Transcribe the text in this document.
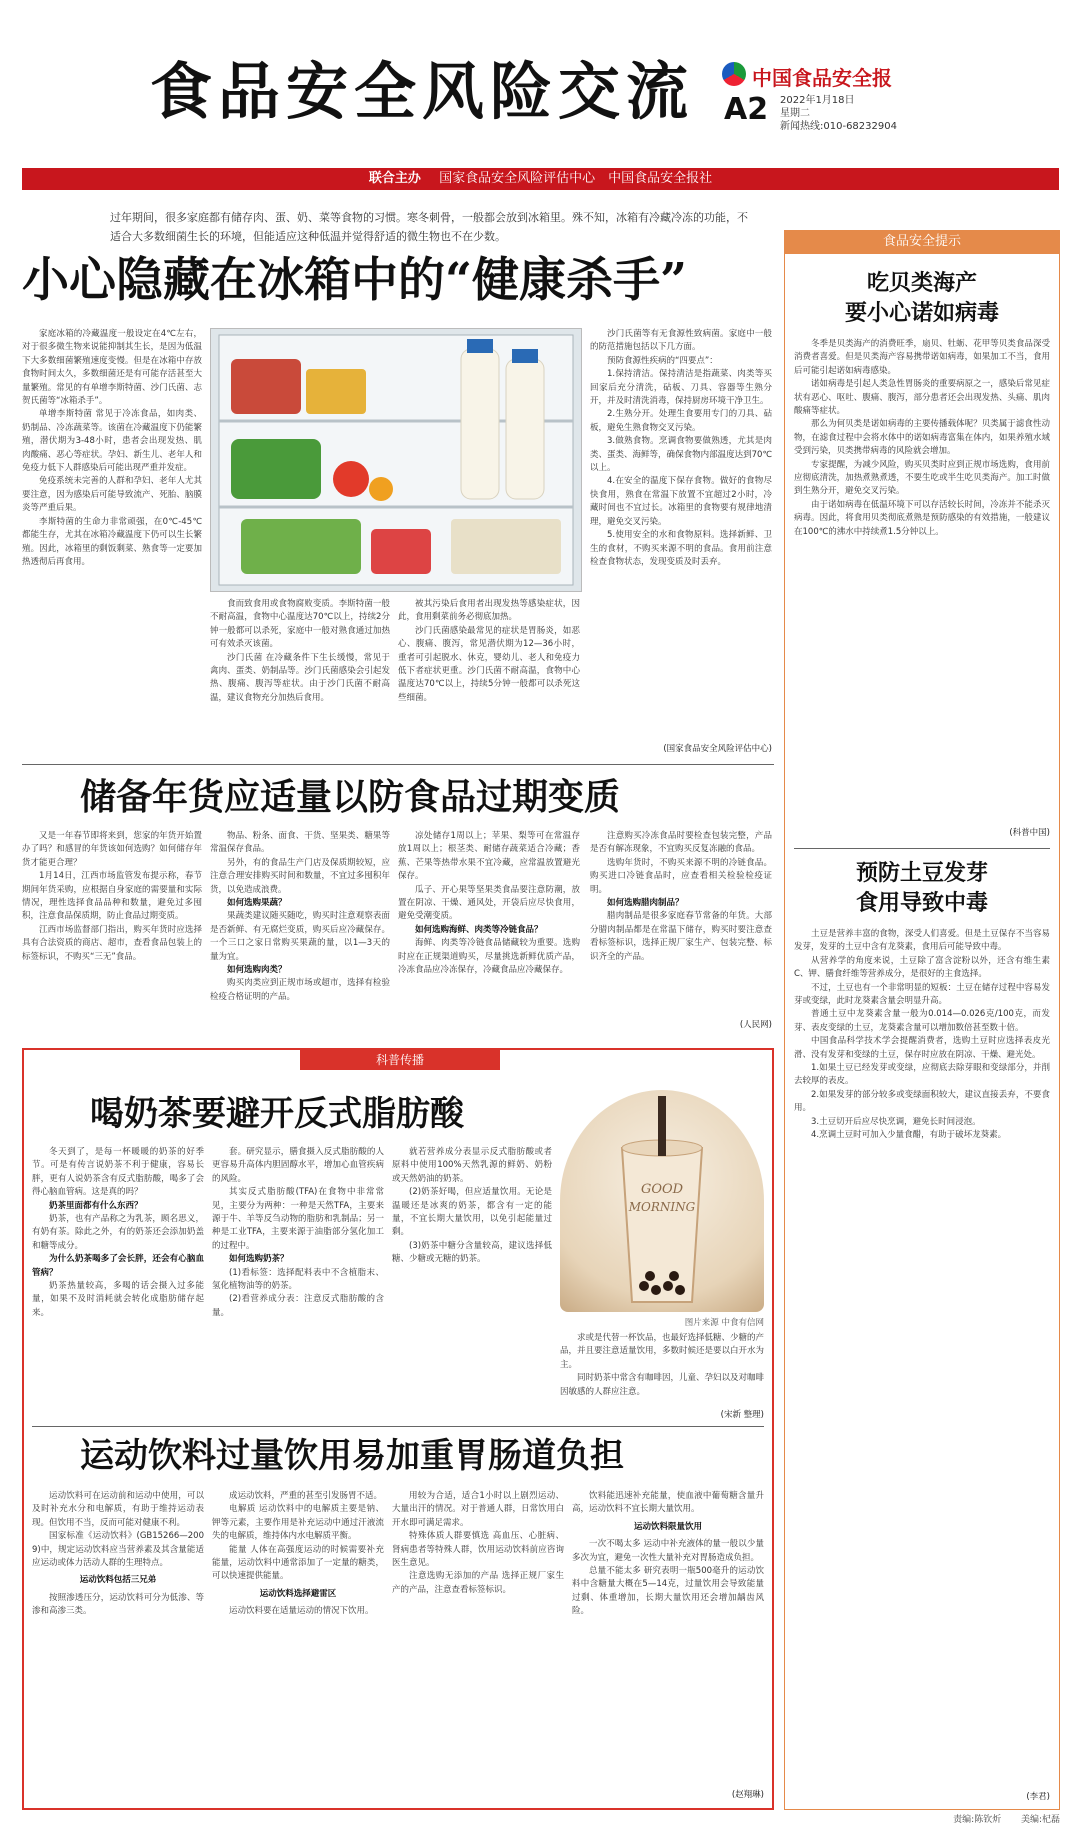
食品安全风险交流	中国食品安全报
A2 2022年1月18日
星期二
新闻热线:010-68232904
联合主办 国家食品安全风险评估中心　中国食品安全报社
过年期间，很多家庭都有储存肉、蛋、奶、菜等食物的习惯。寒冬刺骨，一般都会放到冰箱里。殊不知，冰箱有冷藏冷冻的功能，不适合大多数细菌生长的环境，但能适应这种低温并觉得舒适的微生物也不在少数。
小心隐藏在冰箱中的“健康杀手”

家庭冰箱的冷藏温度一般设定在4℃左右，对于很多微生物来说能抑制其生长，是因为低温下大多数细菌繁殖速度变慢。但是在冰箱中存放食物时间太久，多数细菌还是有可能存活甚至大量繁殖。常见的有单增李斯特菌、沙门氏菌、志贺氏菌等“冰箱杀手”。

单增李斯特菌 常见于冷冻食品，如肉类、奶制品、冷冻蔬菜等。该菌在冷藏温度下仍能繁殖，潜伏期为3-48小时，患者会出现发热、肌肉酸痛、恶心等症状。孕妇、新生儿、老年人和免疫力低下人群感染后可能出现严重并发症。

免疫系统未完善的人群和孕妇、老年人尤其要注意，因为感染后可能导致流产、死胎、脑膜炎等严重后果。

李斯特菌的生命力非常顽强，在0℃-45℃都能生存，尤其在冰箱冷藏温度下仍可以生长繁殖。因此，冰箱里的剩饭剩菜、熟食等一定要加热透彻后再食用。

食而致食用或食物腐败变质。李斯特菌一般不耐高温，食物中心温度达70℃以上，持续2分钟一般都可以杀死，家庭中一般对熟食通过加热可有效杀灭该菌。

沙门氏菌 在冷藏条件下生长缓慢，常见于禽肉、蛋类、奶制品等。沙门氏菌感染会引起发热、腹痛、腹泻等症状。由于沙门氏菌不耐高温，建议食物充分加热后食用。

被其污染后食用者出现发热等感染症状，因此，食用剩菜前务必彻底加热。

沙门氏菌感染最常见的症状是胃肠炎，如恶心、腹痛、腹泻，常见潜伏期为12—36小时，重者可引起脱水、休克，婴幼儿、老人和免疫力低下者症状更重。沙门氏菌不耐高温，食物中心温度达70℃以上，持续5分钟一般都可以杀死这些细菌。

沙门氏菌等有无食源性致病菌。家庭中一般的防范措施包括以下几方面。

预防食源性疾病的“四要点”：

1.保持清洁。保持清洁是指蔬菜、肉类等买回家后充分清洗，砧板、刀具、容器等生熟分开，并及时清洗消毒，保持厨房环境干净卫生。

2.生熟分开。处理生食要用专门的刀具、砧板，避免生熟食物交叉污染。

3.做熟食物。烹调食物要做熟透，尤其是肉类、蛋类、海鲜等，确保食物内部温度达到70℃以上。

4.在安全的温度下保存食物。做好的食物尽快食用，熟食在常温下放置不宜超过2小时，冷藏时间也不宜过长。冰箱里的食物要有规律地清理，避免交叉污染。

5.使用安全的水和食物原料。选择新鲜、卫生的食材，不购买来源不明的食品。食用前注意检查食物状态，发现变质及时丢弃。

(国家食品安全风险评估中心)
储备年货应适量以防食品过期变质

又是一年春节即将来到，您家的年货开始置办了吗？和感冒的年货该如何选购？如何储存年货才能更合理？

1月14日，江西市场监管发布提示称，春节期间年货采购，应根据自身家庭的需要量和实际情况，理性选择食品品种和数量，避免过多囤积，注意食品保质期，防止食品过期变质。

江西市场监督部门指出，购买年货时应选择具有合法资质的商店、超市，查看食品包装上的标签标识，不购买“三无”食品。

物品、粉条、面食、干货、坚果类、糖果等常温保存食品。

另外，有的食品生产门店及保质期较短，应注意合理安排购买时间和数量，不宜过多囤积年货，以免造成浪费。

如何选购果蔬？

果蔬类建议随买随吃，购买时注意观察表面是否新鲜、有无腐烂变质，购买后应冷藏保存。一个三口之家日常购买果蔬的量，以1—3天的量为宜。

如何选购肉类？

购买肉类应到正规市场或超市，选择有检验检疫合格证明的产品。

凉处储存1周以上；苹果、梨等可在常温存放1周以上；根茎类、耐储存蔬菜适合冷藏；香蕉、芒果等热带水果不宜冷藏，应常温放置避光保存。

瓜子、开心果等坚果类食品要注意防潮，放置在阴凉、干燥、通风处，开袋后应尽快食用，避免受潮变质。

如何选购海鲜、肉类等冷链食品？

海鲜、肉类等冷链食品储藏较为重要。选购时应在正规渠道购买，尽量挑选新鲜优质产品，冷冻食品应冷冻保存，冷藏食品应冷藏保存。

注意购买冷冻食品时要检查包装完整，产品是否有解冻现象，不宜购买反复冻融的食品。

选购年货时，不购买来源不明的冷链食品。购买进口冷链食品时，应查看相关检验检疫证明。

如何选购腊肉制品？

腊肉制品是很多家庭春节常备的年货。大部分腊肉制品都是在常温下储存，购买时要注意查看标签标识，选择正规厂家生产、包装完整、标识齐全的产品。

(人民网)
科普传播
喝奶茶要避开反式脂肪酸

冬天到了，是每一杯暖暖的奶茶的好季节。可是有传言说奶茶不利于健康，容易长胖，更有人说奶茶含有反式脂肪酸，喝多了会得心脑血管病。这是真的吗？

奶茶里面都有什么东西？

奶茶，也有产品称之为乳茶，顾名思义，有奶有茶。除此之外，有的奶茶还会添加奶盖和糖等成分。

为什么奶茶喝多了会长胖，还会有心脑血管病？

奶茶热量较高，多喝的话会摄入过多能量，如果不及时消耗就会转化成脂肪储存起来。

套。研究显示，膳食摄入反式脂肪酸的人更容易升高体内胆固醇水平，增加心血管疾病的风险。

其实反式脂肪酸(TFA)在食物中非常常见，主要分为两种：一种是天然TFA，主要来源于牛、羊等反刍动物的脂肪和乳制品；另一种是工业TFA，主要来源于油脂部分氢化加工的过程中。

如何选购奶茶？

(1)看标签：选择配料表中不含植脂末、氢化植物油等的奶茶。

(2)看营养成分表：注意反式脂肪酸的含量。

就若营养成分表显示反式脂肪酸或者原料中使用100%天然乳源的鲜奶、奶粉或天然奶油的奶茶。

(2)奶茶好喝，但应适量饮用。无论是温暖还是冰爽的奶茶，都含有一定的能量，不宜长期大量饮用，以免引起能量过剩。

(3)奶茶中糖分含量较高，建议选择低糖、少糖或无糖的奶茶。

GOOD
MORNING
图片来源 中食有信网

求或是代替一杯饮品，也最好选择低糖、少糖的产品，并且要注意适量饮用，多数时候还是要以白开水为主。

同时奶茶中常含有咖啡因，儿童、孕妇以及对咖啡因敏感的人群应注意。

(宋新 整理)
运动饮料过量饮用易加重胃肠道负担

运动饮料可在运动前和运动中使用，可以及时补充水分和电解质，有助于维持运动表现。但饮用不当，反而可能对健康不利。

国家标准《运动饮料》(GB15266—2009)中，规定运动饮料应当营养素及其含量能适应运动或体力活动人群的生理特点。

运动饮料包括三兄弟

按照渗透压分，运动饮料可分为低渗、等渗和高渗三类。

成运动饮料，严重的甚至引发肠胃不适。

电解质 运动饮料中的电解质主要是钠、钾等元素，主要作用是补充运动中通过汗液流失的电解质，维持体内水电解质平衡。

能量 人体在高强度运动的时候需要补充能量，运动饮料中通常添加了一定量的糖类，可以快速提供能量。

运动饮料选择避雷区

运动饮料要在适量运动的情况下饮用。

用较为合适，适合1小时以上剧烈运动、大量出汗的情况。对于普通人群，日常饮用白开水即可满足需求。

特殊体质人群要慎选 高血压、心脏病、肾病患者等特殊人群，饮用运动饮料前应咨询医生意见。

注意选购无添加的产品 选择正规厂家生产的产品，注意查看标签标识。

饮料能迅速补充能量，使血液中葡萄糖含量升高，运动饮料不宜长期大量饮用。

运动饮料限量饮用

一次不喝太多 运动中补充液体的量一般以少量多次为宜，避免一次性大量补充对胃肠造成负担。

总量不能太多 研究表明一瓶500毫升的运动饮料中含糖量大概在5—14克，过量饮用会导致能量过剩、体重增加，长期大量饮用还会增加龋齿风险。

(赵翔琳)
食品安全提示
吃贝类海产
要小心诺如病毒

冬季是贝类海产的消费旺季，扇贝、牡蛎、花甲等贝类食品深受消费者喜爱。但是贝类海产容易携带诺如病毒，如果加工不当，食用后可能引起诺如病毒感染。

诺如病毒是引起人类急性胃肠炎的重要病原之一，感染后常见症状有恶心、呕吐、腹痛、腹泻，部分患者还会出现发热、头痛、肌肉酸痛等症状。

那么为何贝类是诺如病毒的主要传播载体呢？贝类属于滤食性动物，在滤食过程中会将水体中的诺如病毒富集在体内，如果养殖水域受到污染，贝类携带病毒的风险就会增加。

专家提醒，为减少风险，购买贝类时应到正规市场选购，食用前应彻底清洗，加热煮熟煮透，不要生吃或半生吃贝类海产。加工时做到生熟分开，避免交叉污染。

由于诺如病毒在低温环境下可以存活较长时间，冷冻并不能杀灭病毒。因此，将食用贝类彻底煮熟是预防感染的有效措施，一般建议在100℃的沸水中持续煮1.5分钟以上。

(科普中国)
预防土豆发芽
食用导致中毒

土豆是营养丰富的食物，深受人们喜爱。但是土豆保存不当容易发芽，发芽的土豆中含有龙葵素，食用后可能导致中毒。

从营养学的角度来说，土豆除了富含淀粉以外，还含有维生素C、钾、膳食纤维等营养成分，是很好的主食选择。

不过，土豆也有一个非常明显的短板：土豆在储存过程中容易发芽或变绿，此时龙葵素含量会明显升高。

普通土豆中龙葵素含量一般为0.014—0.026克/100克，而发芽、表皮变绿的土豆，龙葵素含量可以增加数倍甚至数十倍。

中国食品科学技术学会提醒消费者，选购土豆时应选择表皮光滑、没有发芽和变绿的土豆，保存时应放在阴凉、干燥、避光处。

1.如果土豆已经发芽或变绿，应彻底去除芽眼和变绿部分，并削去较厚的表皮。

2.如果发芽的部分较多或变绿面积较大，建议直接丢弃，不要食用。

3.土豆切开后应尽快烹调，避免长时间浸泡。

4.烹调土豆时可加入少量食醋，有助于破坏龙葵素。

(李君)
责编:陈钦炘 美编:杞磊
